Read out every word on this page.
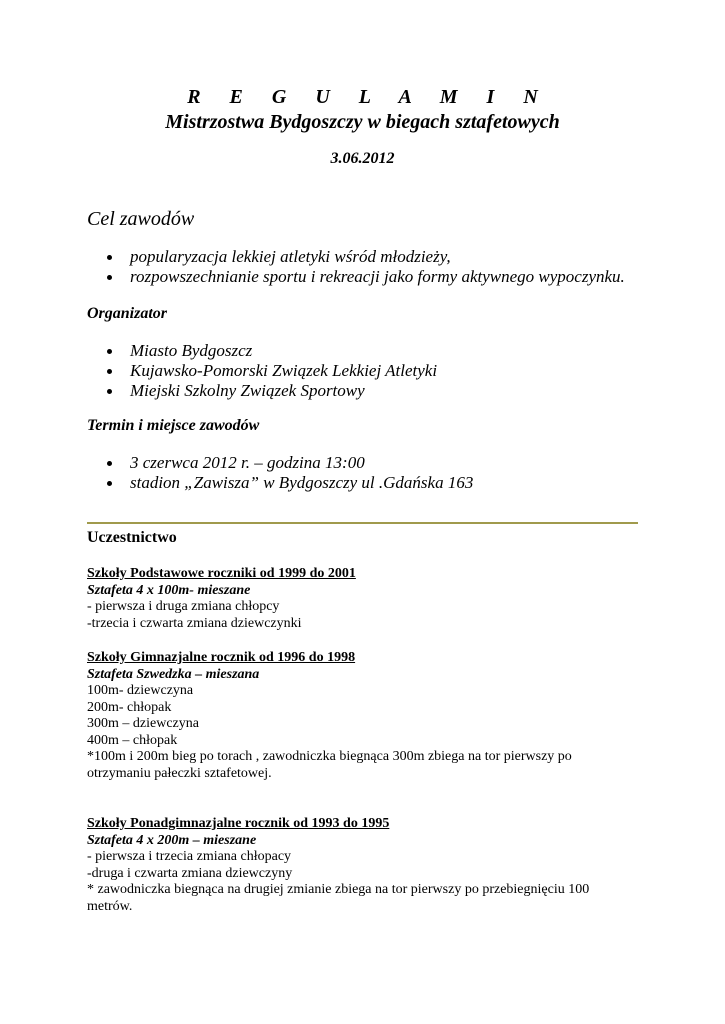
R E G U L A M I N
Mistrzostwa Bydgoszczy w biegach sztafetowych
3.06.2012
Cel zawodów
popularyzacja lekkiej atletyki wśród młodzieży,
rozpowszechnianie sportu i rekreacji jako formy aktywnego wypoczynku.
Organizator
Miasto Bydgoszcz
Kujawsko-Pomorski Związek Lekkiej Atletyki
Miejski Szkolny Związek Sportowy
Termin i miejsce zawodów
3 czerwca 2012 r. – godzina 13:00
stadion „Zawisza” w Bydgoszczy ul .Gdańska 163
Uczestnictwo
Szkoły Podstawowe roczniki od 1999 do 2001
Sztafeta 4 x 100m- mieszane
- pierwsza i druga zmiana chłopcy
-trzecia i czwarta zmiana dziewczynki
Szkoły Gimnazjalne rocznik od 1996 do 1998
Sztafeta Szwedzka – mieszana
100m- dziewczyna
200m- chłopak
300m – dziewczyna
400m – chłopak
*100m i 200m bieg po torach , zawodniczka biegnąca 300m zbiega na tor pierwszy po otrzymaniu pałeczki sztafetowej.
Szkoły Ponadgimnazjalne rocznik od 1993 do 1995
Sztafeta 4 x 200m – mieszane
- pierwsza i trzecia zmiana chłopacy
-druga i czwarta zmiana dziewczyny
* zawodniczka biegnąca na drugiej zmianie zbiega na tor pierwszy po przebiegnięciu 100 metrów.
